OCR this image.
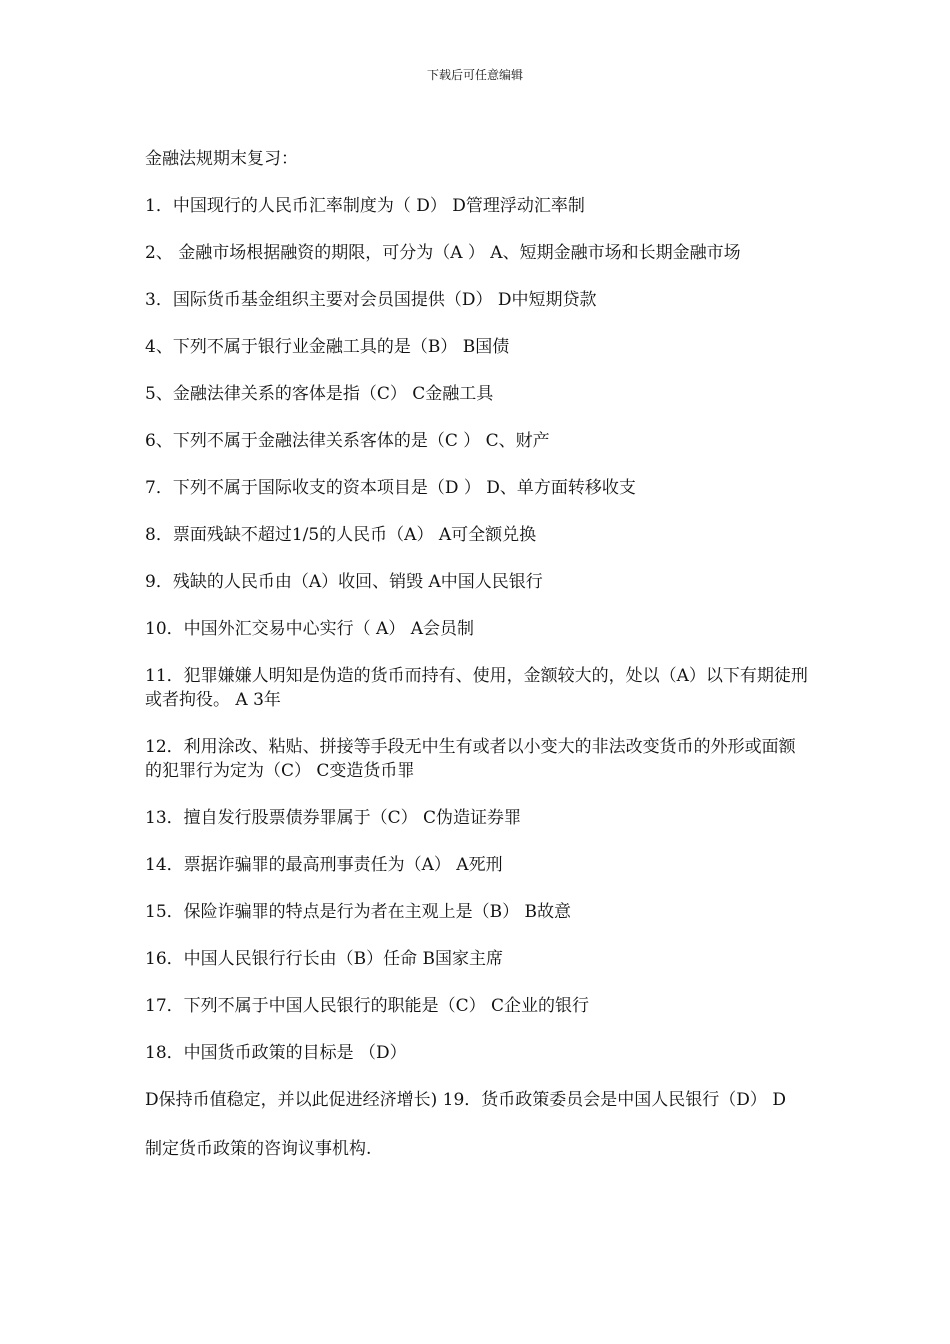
下载后可任意编辑
金融法规期末复习：
1．中国现行的人民币汇率制度为（ D） D管理浮动汇率制
2、 金融市场根据融资的期限，可分为（A ） A、短期金融市场和长期金融市场
3．国际货币基金组织主要对会员国提供（D） D中短期贷款
4、下列不属于银行业金融工具的是（B） B国债
5、金融法律关系的客体是指（C） C金融工具
6、下列不属于金融法律关系客体的是（C ） C、财产
7．下列不属于国际收支的资本项目是（D ） D、单方面转移收支
8．票面残缺不超过1/5的人民币（A） A可全额兑换
9．残缺的人民币由（A）收回、销毁 A中国人民银行
10．中国外汇交易中心实行（ A） A会员制
11．犯罪嫌嫌人明知是伪造的货币而持有、使用，金额较大的，处以（A）以下有期徒刑或者拘役。 A 3年
12．利用涂改、粘贴、拼接等手段无中生有或者以小变大的非法改变货币的外形或面额的犯罪行为定为（C） C变造货币罪
13．擅自发行股票债券罪属于（C） C伪造证券罪
14．票据诈骗罪的最高刑事责任为（A） A死刑
15．保险诈骗罪的特点是行为者在主观上是（B） B故意
16．中国人民银行行长由（B）任命 B国家主席
17．下列不属于中国人民银行的职能是（C） C企业的银行
18．中国货币政策的目标是 （D）
D保持币值稳定，并以此促进经济增长) 19．货币政策委员会是中国人民银行（D） D
制定货币政策的咨询议事机构.
